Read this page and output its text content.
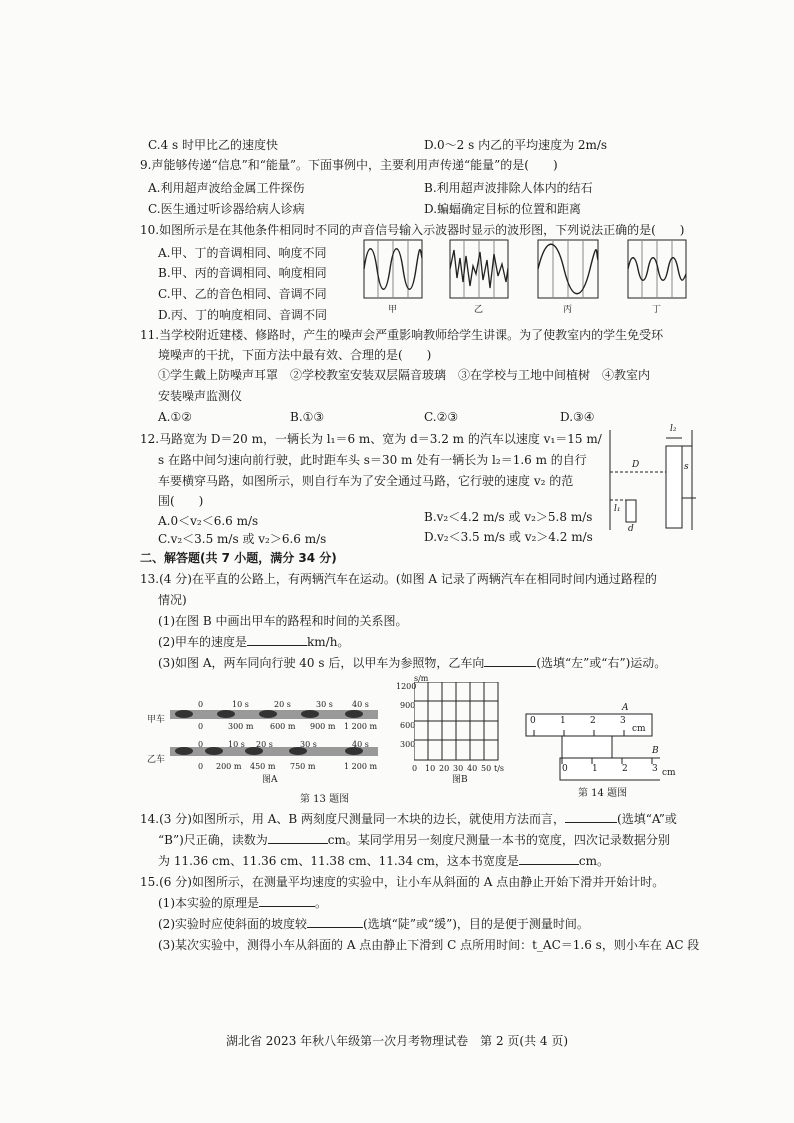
C.4 s 时甲比乙的速度快	D.0～2 s 内乙的平均速度为 2m/s
9.声能够传递“信息”和“能量”。下面事例中，主要利用声传递“能量”的是(　　)
A.利用超声波给金属工件探伤	B.利用超声波排除人体内的结石
C.医生通过听诊器给病人诊病	D.蝙蝠确定目标的位置和距离
10.如图所示是在其他条件相同时不同的声音信号输入示波器时显示的波形图，下列说法正确的是(　　)
A.甲、丁的音调相同、响度不同
B.甲、丙的音调相同、响度相同
C.甲、乙的音色相同、音调不同
D.丙、丁的响度相同、音调不同	甲	乙	丙	丁
11.当学校附近建楼、修路时，产生的噪声会严重影响教师给学生讲课。为了使教室内的学生免受环
境噪声的干扰，下面方法中最有效、合理的是(　　)
①学生戴上防噪声耳罩　②学校教室安装双层隔音玻璃　③在学校与工地中间植树　④教室内
安装噪声监测仪
A.①②	B.①③	C.②③	D.③④
12.马路宽为 D＝20 m，一辆长为 l₁＝6 m、宽为 d＝3.2 m 的汽车以速度 v₁＝15 m/
s 在路中间匀速向前行驶，此时距车头 s＝30 m 处有一辆长为 l₂＝1.6 m 的自行
车要横穿马路，如图所示，则自行车为了安全通过马路，它行驶的速度 v₂ 的范
围(　　)
A.0＜v₂＜6.6 m/s	B.v₂＜4.2 m/s 或 v₂＞5.8 m/s
C.v₂＜3.5 m/s 或 v₂＞6.6 m/s	D.v₂＜3.5 m/s 或 v₂＞4.2 m/s
l₂
D	s
l₁
d
二、解答题(共 7 小题，满分 34 分)
13.(4 分)在平直的公路上，有两辆汽车在运动。(如图 A 记录了两辆汽车在相同时间内通过路程的
情况)
(1)在图 B 中画出甲车的路程和时间的关系图。
(2)甲车的速度是	km/h。
(3)如图 A，两车同向行驶 40 s 后，以甲车为参照物，乙车向	(选填“左”或“右”)运动。
甲车
乙车
0	10 s	20 s	30 s 40 s
0	300 m 600 m 900 m 1 200 m
0	10 s 20 s	30 s	40 s
0 200 m 450 m 750 m	1 200 m
图A
s/m
1200
900
600
300
0 10 20 30 40 50 t/s
图B
第 13 题图
A
0	1	2	3
cm
B
0	1	2	3 cm
第 14 题图
14.(3 分)如图所示，用 A、B 两刻度尺测量同一木块的边长，就使用方法而言，	(选填“A”或
“B”)尺正确，读数为	cm。某同学用另一刻度尺测量一本书的宽度，四次记录数据分别
为 11.36 cm、11.36 cm、11.38 cm、11.34 cm，这本书宽度是	cm。
15.(6 分)如图所示，在测量平均速度的实验中，让小车从斜面的 A 点由静止开始下滑并开始计时。
(1)本实验的原理是	。
(2)实验时应使斜面的坡度较	(选填“陡”或“缓”)，目的是便于测量时间。
(3)某次实验中，测得小车从斜面的 A 点由静止下滑到 C 点所用时间：t_AC＝1.6 s，则小车在 AC 段
湖北省 2023 年秋八年级第一次月考物理试卷　第 2 页(共 4 页)
